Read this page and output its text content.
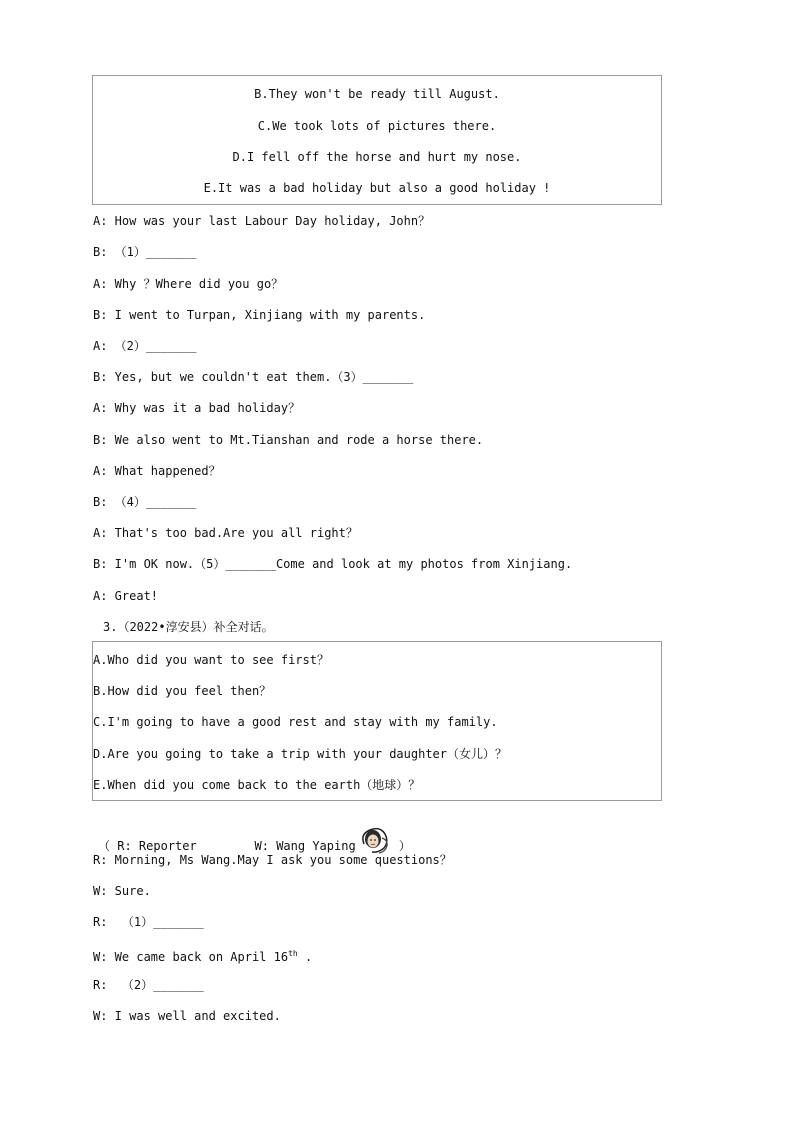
B.They won't be ready till August.
C.We took lots of pictures there.
D.I fell off the horse and hurt my nose.
E.It was a bad holiday but also a good holiday !
A: How was your last Labour Day holiday, John？
B: （1）_______
A: Why ？Where did you go？
B: I went to Turpan, Xinjiang with my parents.
A: （2）_______
B: Yes, but we couldn't eat them.（3）_______
A: Why was it a bad holiday？
B: We also went to Mt.Tianshan and rode a horse there.
A: What happened？
B: （4）_______
A: That's too bad.Are you all right？
B: I'm OK now.（5）_______Come and look at my photos from Xinjiang.
A: Great!
3.（2022•淳安县）补全对话。
A.Who did you want to see first？
B.How did you feel then？
C.I'm going to have a good rest and stay with my family.
D.Are you going to take a trip with your daughter（女儿）？
E.When did you come back to the earth（地球）？
（ R: Reporter	W: Wang Yaping	）
R: Morning, Ms Wang.May I ask you some questions？
W: Sure.
R:  （1）_______
W: We came back on April 16th .
R:  （2）_______
W: I was well and excited.
